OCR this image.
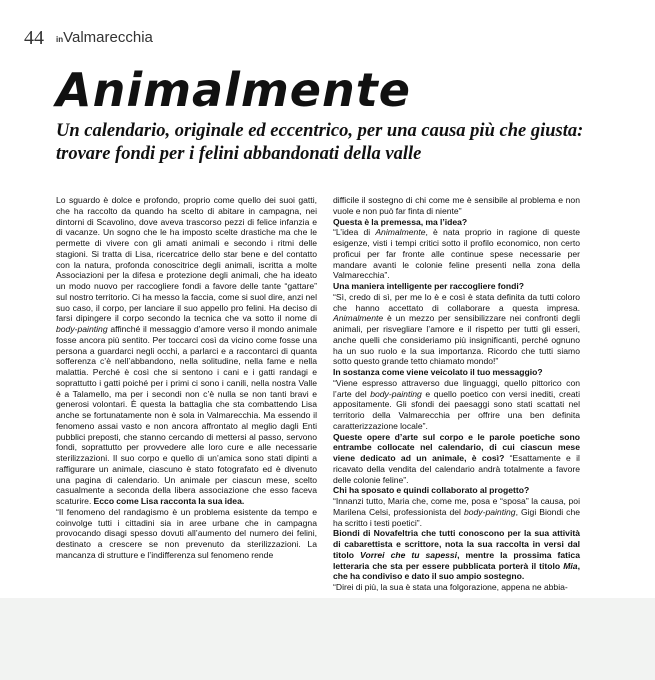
44 inValmarecchia
Animalmente
Un calendario, originale ed eccentrico, per una causa più che giusta: trovare fondi per i felini abbandonati della valle

Lo sguardo è dolce e profondo, proprio come quello dei suoi gatti, che ha raccolto da quando ha scelto di abitare in campagna, nei dintorni di Scavolino, dove aveva trascorso pezzi di felice infanzia e di vacanze. Un sogno che le ha imposto scelte drastiche ma che le permette di vivere con gli amati animali e secondo i ritmi delle stagioni. Si tratta di Lisa, ricercatrice dello star bene e del contatto con la natura, profonda conoscitrice degli animali, iscritta a molte Associazioni per la difesa e protezione degli animali, che ha ideato un modo nuovo per raccogliere fondi a favore delle tante “gattare” sul nostro territorio. Ci ha messo la faccia, come si suol dire, anzi nel suo caso, il corpo, per lanciare il suo appello pro felini. Ha deciso di farsi dipingere il corpo secondo la tecnica che va sotto il nome di body-painting affinché il messaggio d’amore verso il mondo animale fosse ancora più sentito. Per toccarci così da vicino come fosse una persona a guardarci negli occhi, a parlarci e a raccontarci di quanta sofferenza c’è nell’abbandono, nella solitudine, nella fame e nella malattia. Perché è così che si sentono i cani e i gatti randagi e soprattutto i gatti poiché per i primi ci sono i canili, nella nostra Valle è a Talamello, ma per i secondi non c’è nulla se non tanti bravi e generosi volontari. È questa la battaglia che sta combattendo Lisa anche se fortunatamente non è sola in Valmarecchia. Ma essendo il fenomeno assai vasto e non ancora affrontato al meglio dagli Enti pubblici preposti, che stanno cercando di mettersi al passo, servono fondi, soprattutto per provvedere alle loro cure e alle necessarie sterilizzazioni. Il suo corpo e quello di un’amica sono stati dipinti a raffigurare un animale, ciascuno è stato fotografato ed è divenuto una pagina di calendario. Un animale per ciascun mese, scelto casualmente a seconda della libera associazione che esso faceva scaturire. Ecco come Lisa racconta la sua idea.

“Il fenomeno del randagismo è un problema esistente da tempo e coinvolge tutti i cittadini sia in aree urbane che in campagna provocando disagi spesso dovuti all’aumento del numero dei felini, destinato a crescere se non prevenuto da sterilizzazioni. La mancanza di strutture e l’indifferenza sul fenomeno rende

difficile il sostegno di chi come me è sensibile al problema e non vuole e non può far finta di niente”

Questa è la premessa, ma l’idea?

“L’idea di Animalmente, è nata proprio in ragione di queste esigenze, visti i tempi critici sotto il profilo economico, non certo proficui per far fronte alle continue spese necessarie per mandare avanti le colonie feline presenti nella zona della Valmarecchia”.

Una maniera intelligente per raccogliere fondi?

“Sì, credo di sì, per me lo è e così è stata definita da tutti coloro che hanno accettato di collaborare a questa impresa. Animalmente è un mezzo per sensibilizzare nei confronti degli animali, per risvegliare l’amore e il rispetto per tutti gli esseri, anche quelli che consideriamo più insignificanti, perché ognuno ha un suo ruolo e la sua importanza. Ricordo che tutti siamo sotto questo grande tetto chiamato mondo!”

In sostanza come viene veicolato il tuo messaggio?

“Viene espresso attraverso due linguaggi, quello pittorico con l’arte del body-painting e quello poetico con versi inediti, creati appositamente. Gli sfondi dei paesaggi sono stati scattati nel territorio della Valmarecchia per offrire una ben definita caratterizzazione locale”.

Queste opere d’arte sul corpo e le parole poetiche sono entrambe collocate nel calendario, di cui ciascun mese viene dedicato ad un animale, è così? “Esattamente e il ricavato della vendita del calendario andrà totalmente a favore delle colonie feline”.

Chi ha sposato e quindi collaborato al progetto?

“Innanzi tutto, Maria che, come me, posa e “sposa” la causa, poi Marilena Celsi, professionista del body-painting, Gigi Biondi che ha scritto i testi poetici”.

Biondi di Novafeltria che tutti conoscono per la sua attività di cabarettista e scrittore, nota la sua raccolta in versi dal titolo Vorrei che tu sapessi, mentre la prossima fatica letteraria che sta per essere pubblicata porterà il titolo Mia, che ha condiviso e dato il suo ampio sostegno.

“Direi di più, la sua è stata una folgorazione, appena ne abbia-
